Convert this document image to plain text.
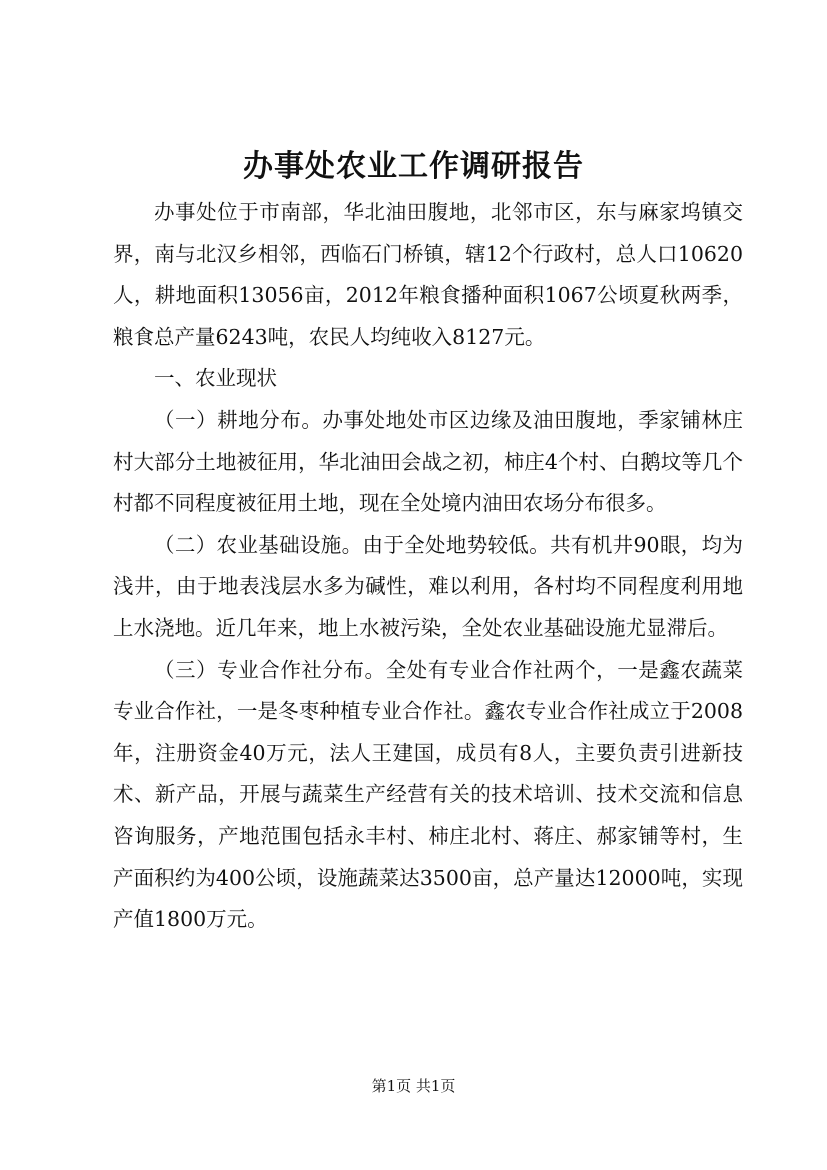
办事处农业工作调研报告

办事处位于市南部，华北油田腹地，北邻市区，东与麻家坞镇交界，南与北汉乡相邻，西临石门桥镇，辖12个行政村，总人口10620人，耕地面积13056亩，2012年粮食播种面积1067公顷夏秋两季，粮食总产量6243吨，农民人均纯收入8127元。

一、农业现状

（一）耕地分布。办事处地处市区边缘及油田腹地，季家铺林庄村大部分土地被征用，华北油田会战之初，柿庄4个村、白鹅坟等几个村都不同程度被征用土地，现在全处境内油田农场分布很多。

（二）农业基础设施。由于全处地势较低。共有机井90眼，均为浅井，由于地表浅层水多为碱性，难以利用，各村均不同程度利用地上水浇地。近几年来，地上水被污染，全处农业基础设施尤显滞后。

（三）专业合作社分布。全处有专业合作社两个，一是鑫农蔬菜专业合作社，一是冬枣种植专业合作社。鑫农专业合作社成立于2008年，注册资金40万元，法人王建国，成员有8人，主要负责引进新技术、新产品，开展与蔬菜生产经营有关的技术培训、技术交流和信息咨询服务，产地范围包括永丰村、柿庄北村、蒋庄、郝家铺等村，生产面积约为400公顷，设施蔬菜达3500亩，总产量达12000吨，实现产值1800万元。

第1页 共1页
